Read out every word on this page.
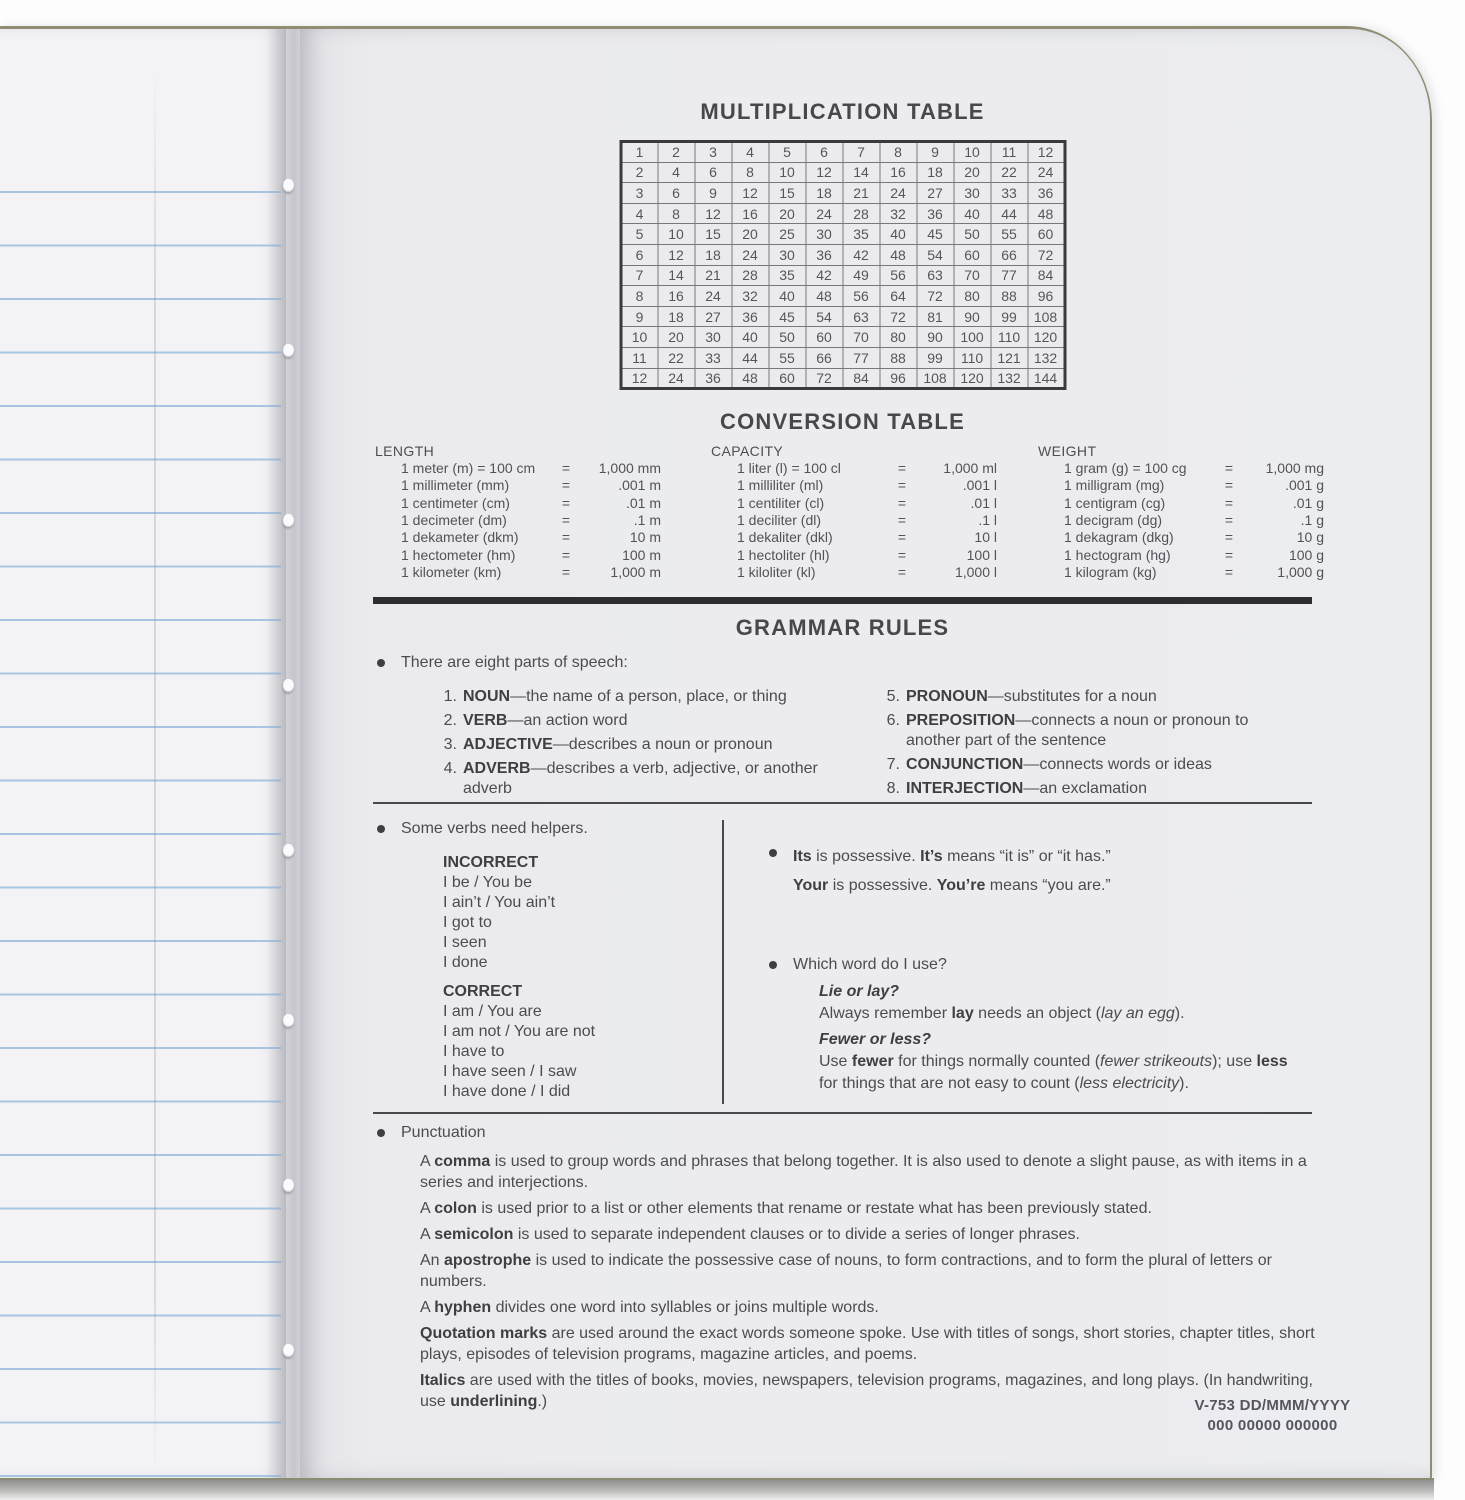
MULTIPLICATION TABLE
1	2	3	4	5	6	7	8	9	10	11	12
2	4	6	8	10	12	14	16	18	20	22	24
3	6	9	12	15	18	21	24	27	30	33	36
4	8	12	16	20	24	28	32	36	40	44	48
5	10	15	20	25	30	35	40	45	50	55	60
6	12	18	24	30	36	42	48	54	60	66	72
7	14	21	28	35	42	49	56	63	70	77	84
8	16	24	32	40	48	56	64	72	80	88	96
9	18	27	36	45	54	63	72	81	90	99	108
10	20	30	40	50	60	70	80	90	100	110	120
11	22	33	44	55	66	77	88	99	110	121	132
12	24	36	48	60	72	84	96	108	120	132	144
CONVERSION TABLE
LENGTH
1 meter (m) = 100 cm	=	1,000 mm
1 millimeter (mm)	=	.001 m
1 centimeter (cm)	=	.01 m
1 decimeter (dm)	=	.1 m
1 dekameter (dkm)	=	10 m
1 hectometer (hm)	=	100 m
1 kilometer (km)	=	1,000 m
CAPACITY
1 liter (l) = 100 cl	=	1,000 ml
1 milliliter (ml)	=	.001 l
1 centiliter (cl)	=	.01 l
1 deciliter (dl)	=	.1 l
1 dekaliter (dkl)	=	10 l
1 hectoliter (hl)	=	100 l
1 kiloliter (kl)	=	1,000 l
WEIGHT
1 gram (g) = 100 cg	=	1,000 mg
1 milligram (mg)	=	.001 g
1 centigram (cg)	=	.01 g
1 decigram (dg)	=	.1 g
1 dekagram (dkg)	=	10 g
1 hectogram (hg)	=	100 g
1 kilogram (kg)	=	1,000 g
GRAMMAR RULES
There are eight parts of speech:
1. NOUN—the name of a person, place, or thing
2. VERB—an action word
3. ADJECTIVE—describes a noun or pronoun
4. ADVERB—describes a verb, adjective, or another adverb
5. PRONOUN—substitutes for a noun
6. PREPOSITION—connects a noun or pronoun to another part of the sentence
7. CONJUNCTION—connects words or ideas
8. INTERJECTION—an exclamation
Some verbs need helpers.
INCORRECT
I be / You be
I ain’t / You ain’t
I got to
I seen
I done
CORRECT
I am / You are
I am not / You are not
I have to
I have seen / I saw
I have done / I did
Its is possessive. It’s means “it is” or “it has.”
Your is possessive. You’re means “you are.”
Which word do I use?
Lie or lay?
Always remember lay needs an object (lay an egg).
Fewer or less?
Use fewer for things normally counted (fewer strikeouts); use less for things that are not easy to count (less electricity).
Punctuation

A comma is used to group words and phrases that belong together. It is also used to denote a slight pause, as with items in a series and interjections.

A colon is used prior to a list or other elements that rename or restate what has been previously stated.

A semicolon is used to separate independent clauses or to divide a series of longer phrases.

An apostrophe is used to indicate the possessive case of nouns, to form contractions, and to form the plural of letters or numbers.

A hyphen divides one word into syllables or joins multiple words.

Quotation marks are used around the exact words someone spoke. Use with titles of songs, short stories, chapter titles, short plays, episodes of television programs, magazine articles, and poems.

Italics are used with the titles of books, movies, newspapers, television programs, magazines, and long plays. (In handwriting, use underlining.)	V-753 DD/MMM/YYYY
000 00000 000000
